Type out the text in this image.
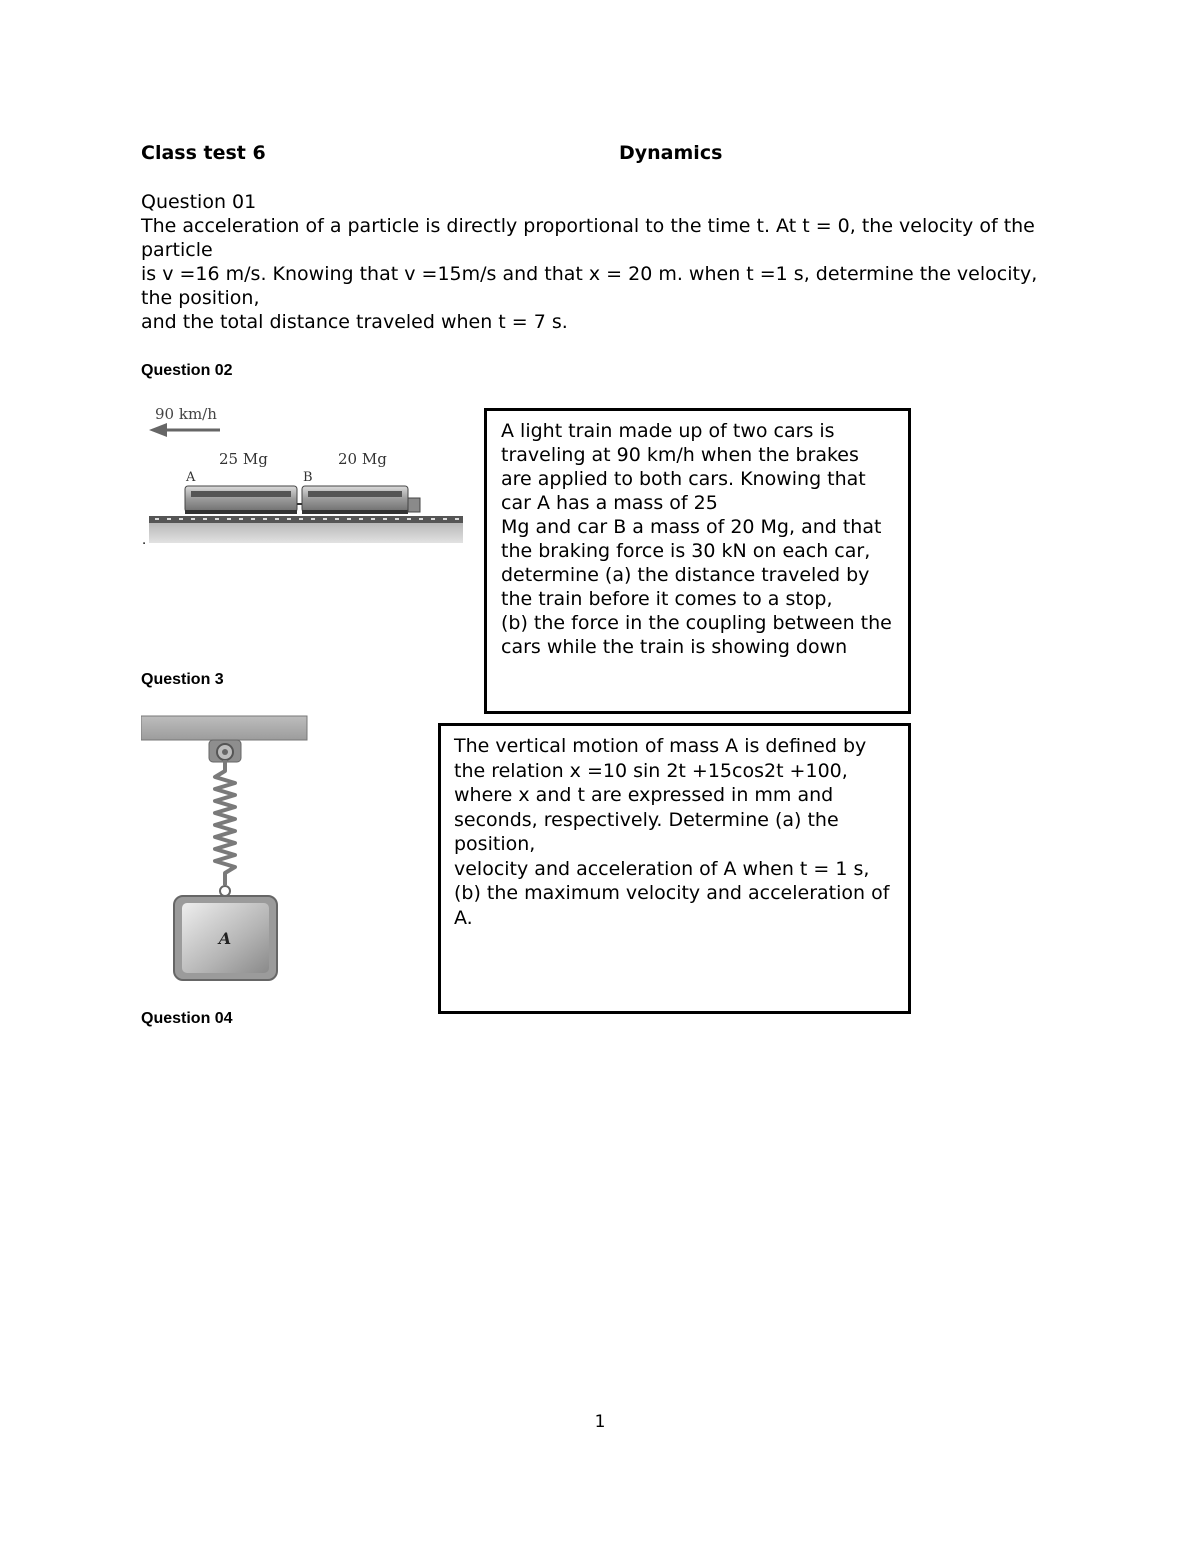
Class test 6	Dynamics

Question 01

The acceleration of a particle is directly proportional to the time t. At t = 0, the velocity of the particle

is v =16 m/s. Knowing that v =15m/s and that x = 20 m. when t =1 s, determine the velocity, the position,

and the total distance traveled when t = 7 s.

Question 02
90 km/h
25 Mg	20 Mg
A	B
.

A light train made up of two cars is traveling at 90 km/h when the brakes are applied to both cars. Knowing that car A has a mass of 25

Mg and car B a mass of 20 Mg, and that the braking force is 30 kN on each car, determine (a) the distance traveled by the train before it comes to a stop,

(b) the force in the coupling between the cars while the train is showing down

Question 3
A

The vertical motion of mass A is defined by the relation x =10 sin 2t +15cos2t +100,

where x and t are expressed in mm and seconds, respectively. Determine (a) the position,

velocity and acceleration of A when t = 1 s, (b) the maximum velocity and acceleration of A.

Question 04
1
